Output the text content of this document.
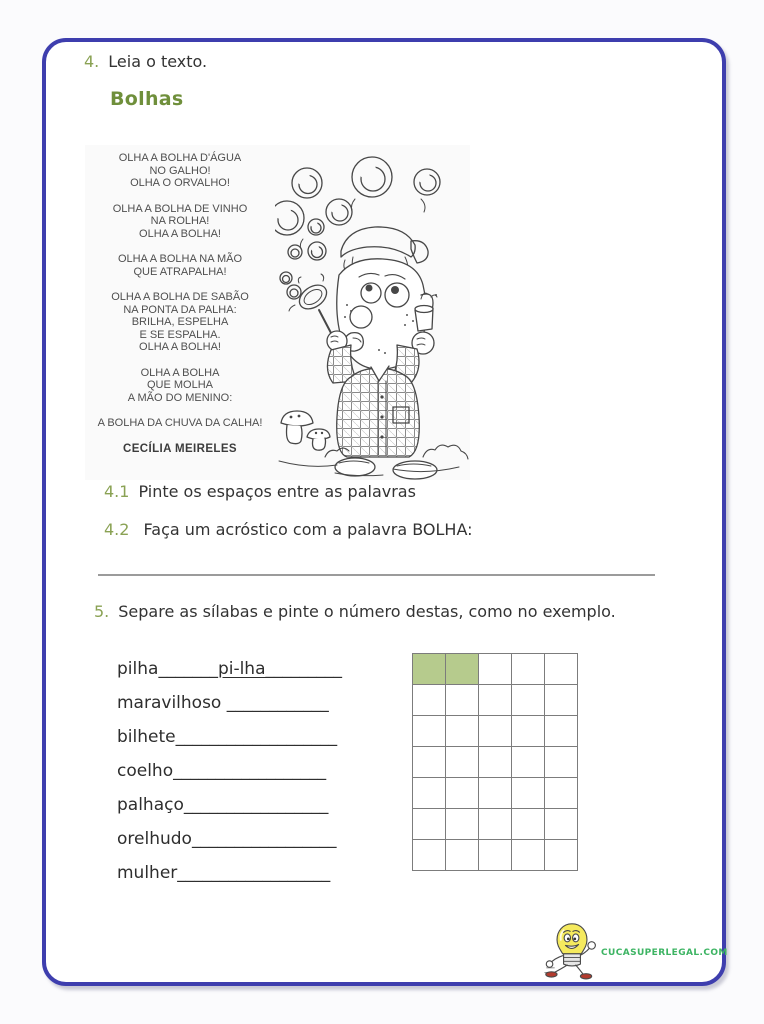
4. Leia o texto.
Bolhas
OLHA A BOLHA D'ÁGUA
NO GALHO!
OLHA O ORVALHO!
OLHA A BOLHA DE VINHO
NA ROLHA!
OLHA A BOLHA!
OLHA A BOLHA NA MÃO
QUE ATRAPALHA!
OLHA A BOLHA DE SABÃO
NA PONTA DA PALHA:
BRILHA, ESPELHA
E SE ESPALHA.
OLHA A BOLHA!
OLHA A BOLHA
QUE MOLHA
A MÃO DO MENINO:
A BOLHA DA CHUVA DA CALHA!
CECÍLIA MEIRELES
4.1 Pinte os espaços entre as palavras
4.2 Faça um acróstico com a palavra BOLHA:
5. Separe as sílabas e pinte o número destas, como no exemplo.
pilha_______pi-lha_________
maravilhoso ____________
bilhete___________________
coelho__________________
palhaço_________________
orelhudo_________________
mulher__________________
CUCASUPERLEGAL.COM
